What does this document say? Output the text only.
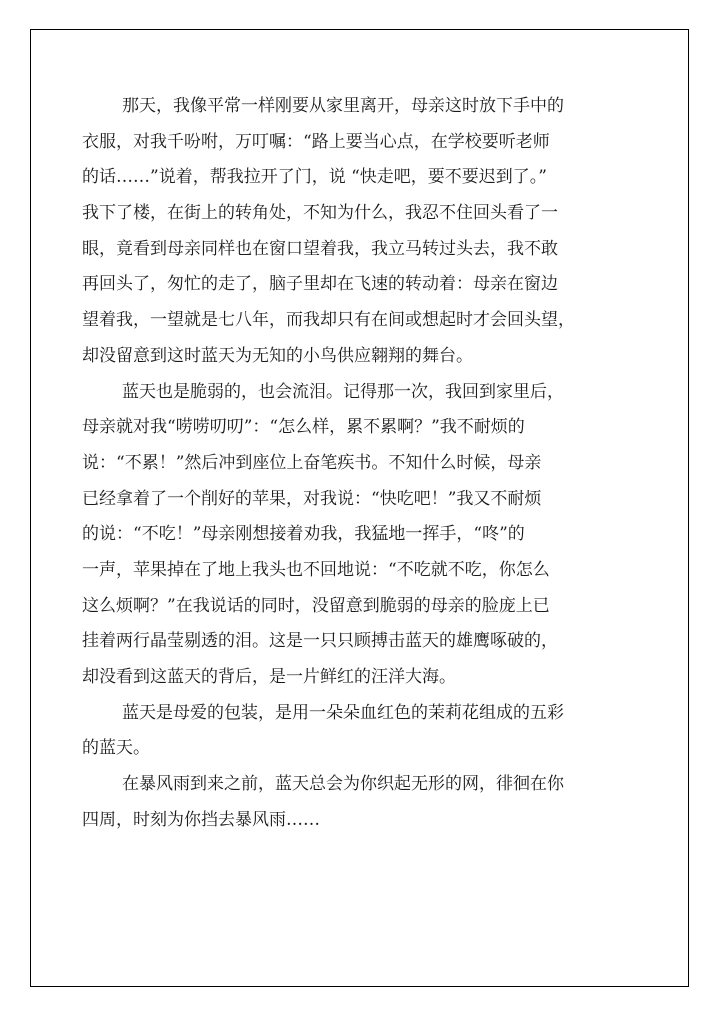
那天，我像平常一样刚要从家里离开，母亲这时放下手中的

衣服，对我千吩咐，万叮嘱：“路上要当心点，在学校要听老师

的话……”说着，帮我拉开了门，说 “快走吧，要不要迟到了。”

我下了楼，在街上的转角处，不知为什么，我忍不住回头看了一

眼，竟看到母亲同样也在窗口望着我，我立马转过头去，我不敢

再回头了，匆忙的走了，脑子里却在飞速的转动着：母亲在窗边

望着我，一望就是七八年，而我却只有在间或想起时才会回头望，

却没留意到这时蓝天为无知的小鸟供应翱翔的舞台。

蓝天也是脆弱的，也会流泪。记得那一次，我回到家里后，

母亲就对我“唠唠叨叨”：“怎么样，累不累啊？”我不耐烦的

说：“不累！”然后冲到座位上奋笔疾书。不知什么时候，母亲

已经拿着了一个削好的苹果，对我说：“快吃吧！”我又不耐烦

的说：“不吃！”母亲刚想接着劝我，我猛地一挥手，“咚”的

一声，苹果掉在了地上我头也不回地说：“不吃就不吃，你怎么

这么烦啊？”在我说话的同时，没留意到脆弱的母亲的脸庞上已

挂着两行晶莹剔透的泪。这是一只只顾搏击蓝天的雄鹰啄破的，

却没看到这蓝天的背后，是一片鲜红的汪洋大海。

蓝天是母爱的包装，是用一朵朵血红色的茉莉花组成的五彩

的蓝天。

在暴风雨到来之前，蓝天总会为你织起无形的网，徘徊在你

四周，时刻为你挡去暴风雨……
